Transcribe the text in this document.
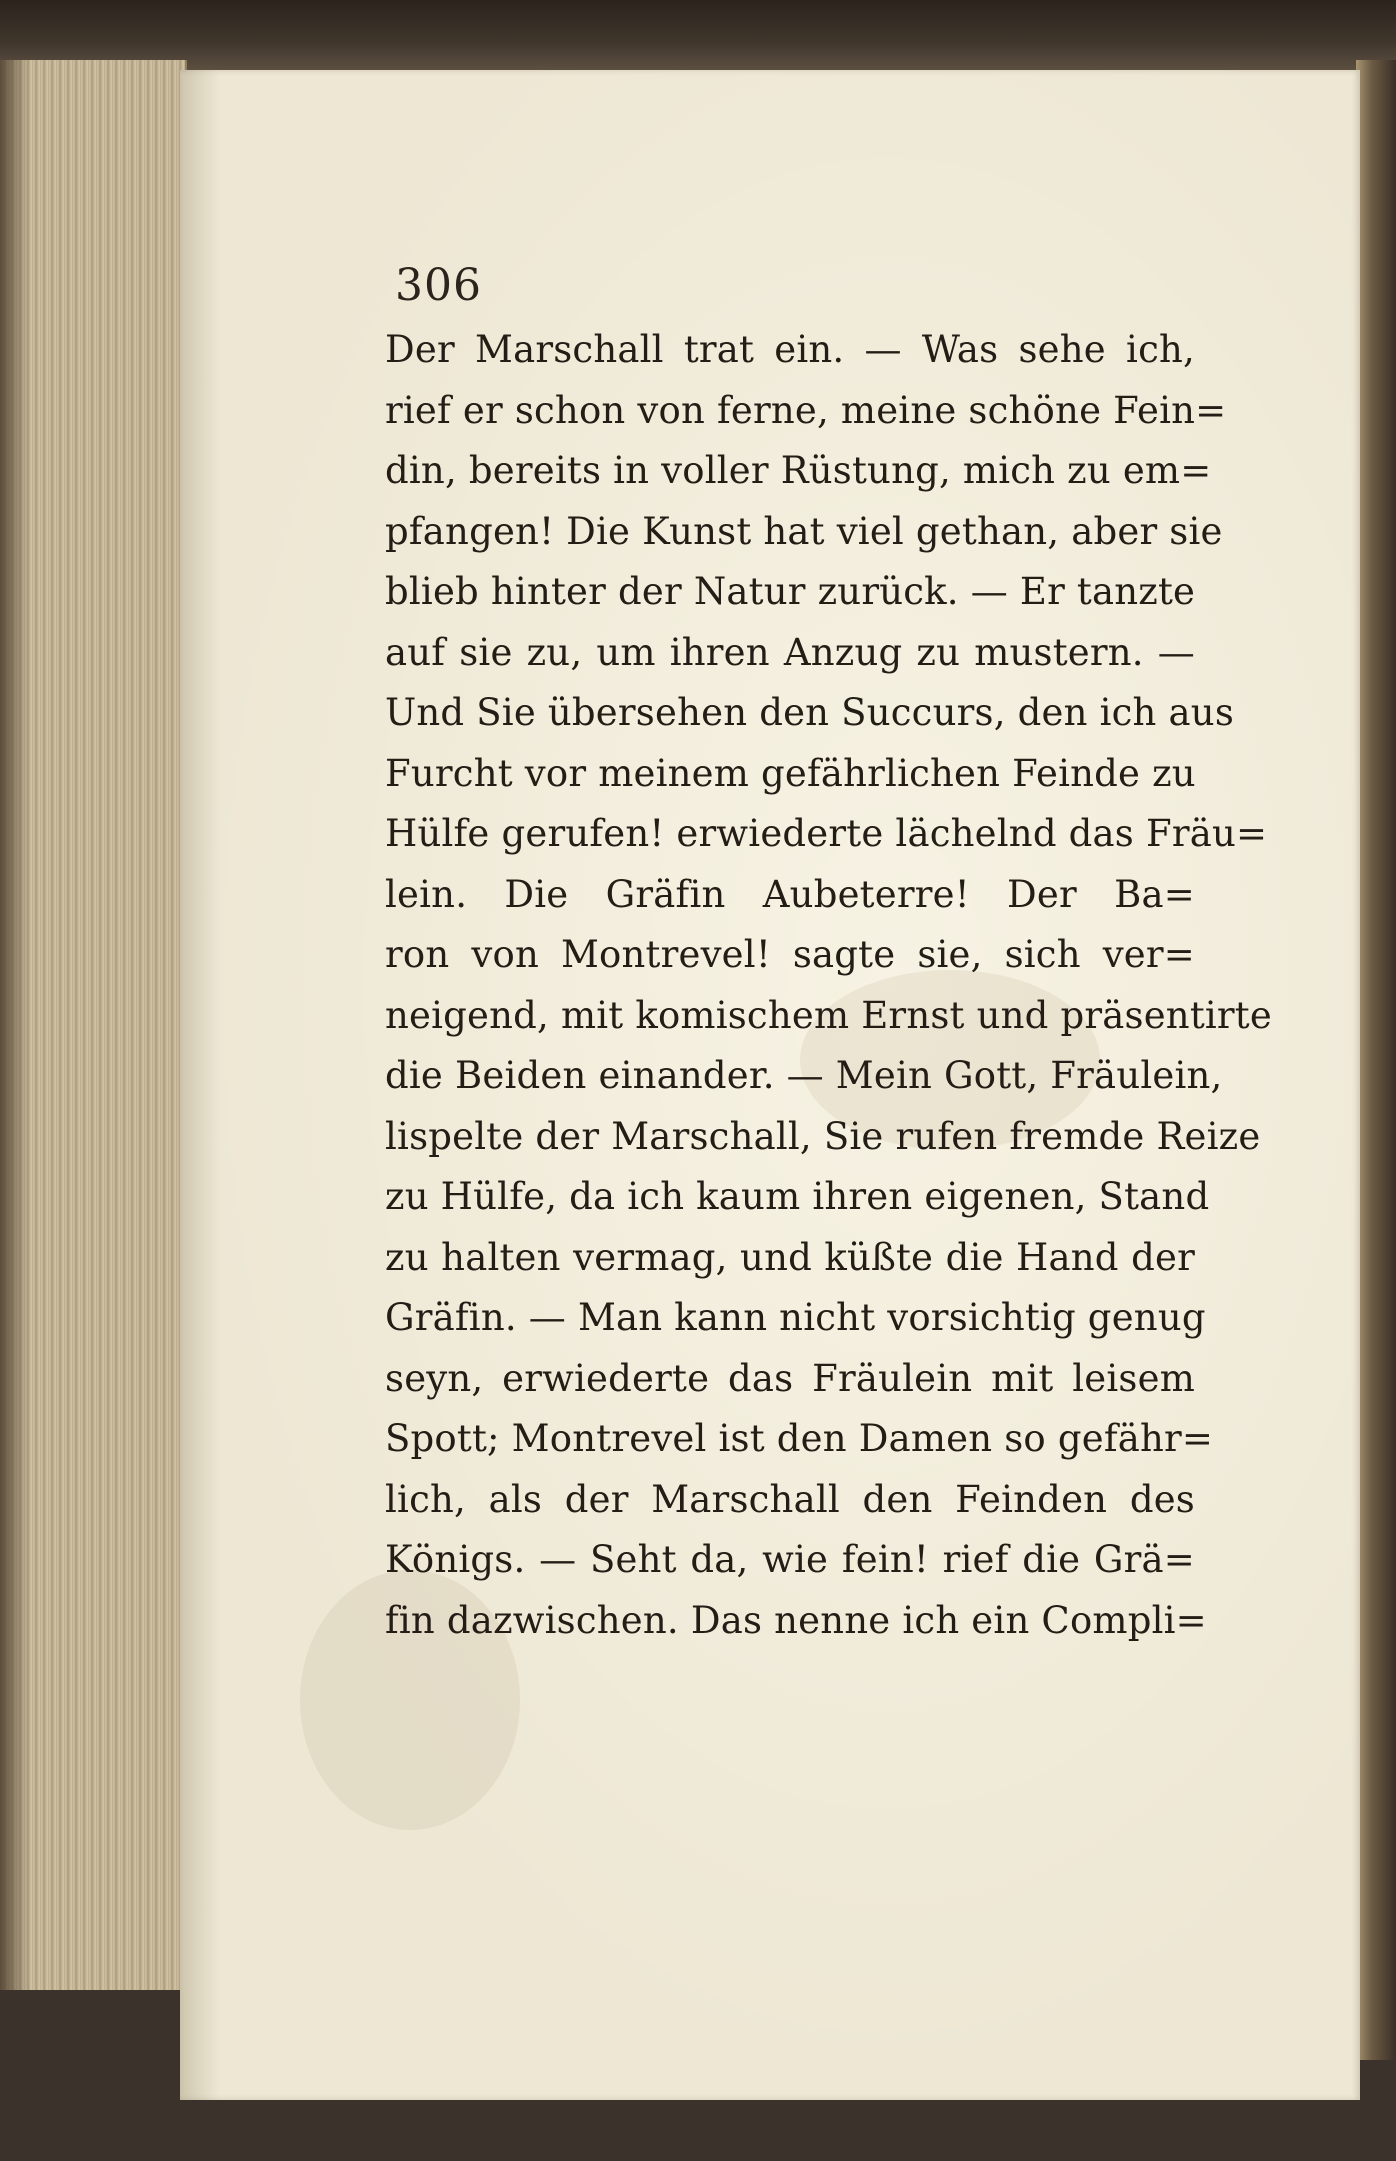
306

Der Marschall trat ein. — Was sehe ich,
rief er schon von ferne, meine schöne Fein=
din, bereits in voller Rüstung, mich zu em=
pfangen! Die Kunst hat viel gethan, aber sie
blieb hinter der Natur zurück. — Er tanzte
auf sie zu, um ihren Anzug zu mustern. —
Und Sie übersehen den Succurs, den ich aus
Furcht vor meinem gefährlichen Feinde zu
Hülfe gerufen! erwiederte lächelnd das Fräu=
lein. Die Gräfin Aubeterre! Der Ba=
ron von Montrevel! sagte sie, sich ver=
neigend, mit komischem Ernst und präsentirte
die Beiden einander. — Mein Gott, Fräulein,
lispelte der Marschall, Sie rufen fremde Reize
zu Hülfe, da ich kaum ihren eigenen, Stand
zu halten vermag, und küßte die Hand der
Gräfin. — Man kann nicht vorsichtig genug
seyn, erwiederte das Fräulein mit leisem
Spott; Montrevel ist den Damen so gefähr=
lich, als der Marschall den Feinden des
Königs. — Seht da, wie fein! rief die Grä=
fin dazwischen. Das nenne ich ein Compli=
